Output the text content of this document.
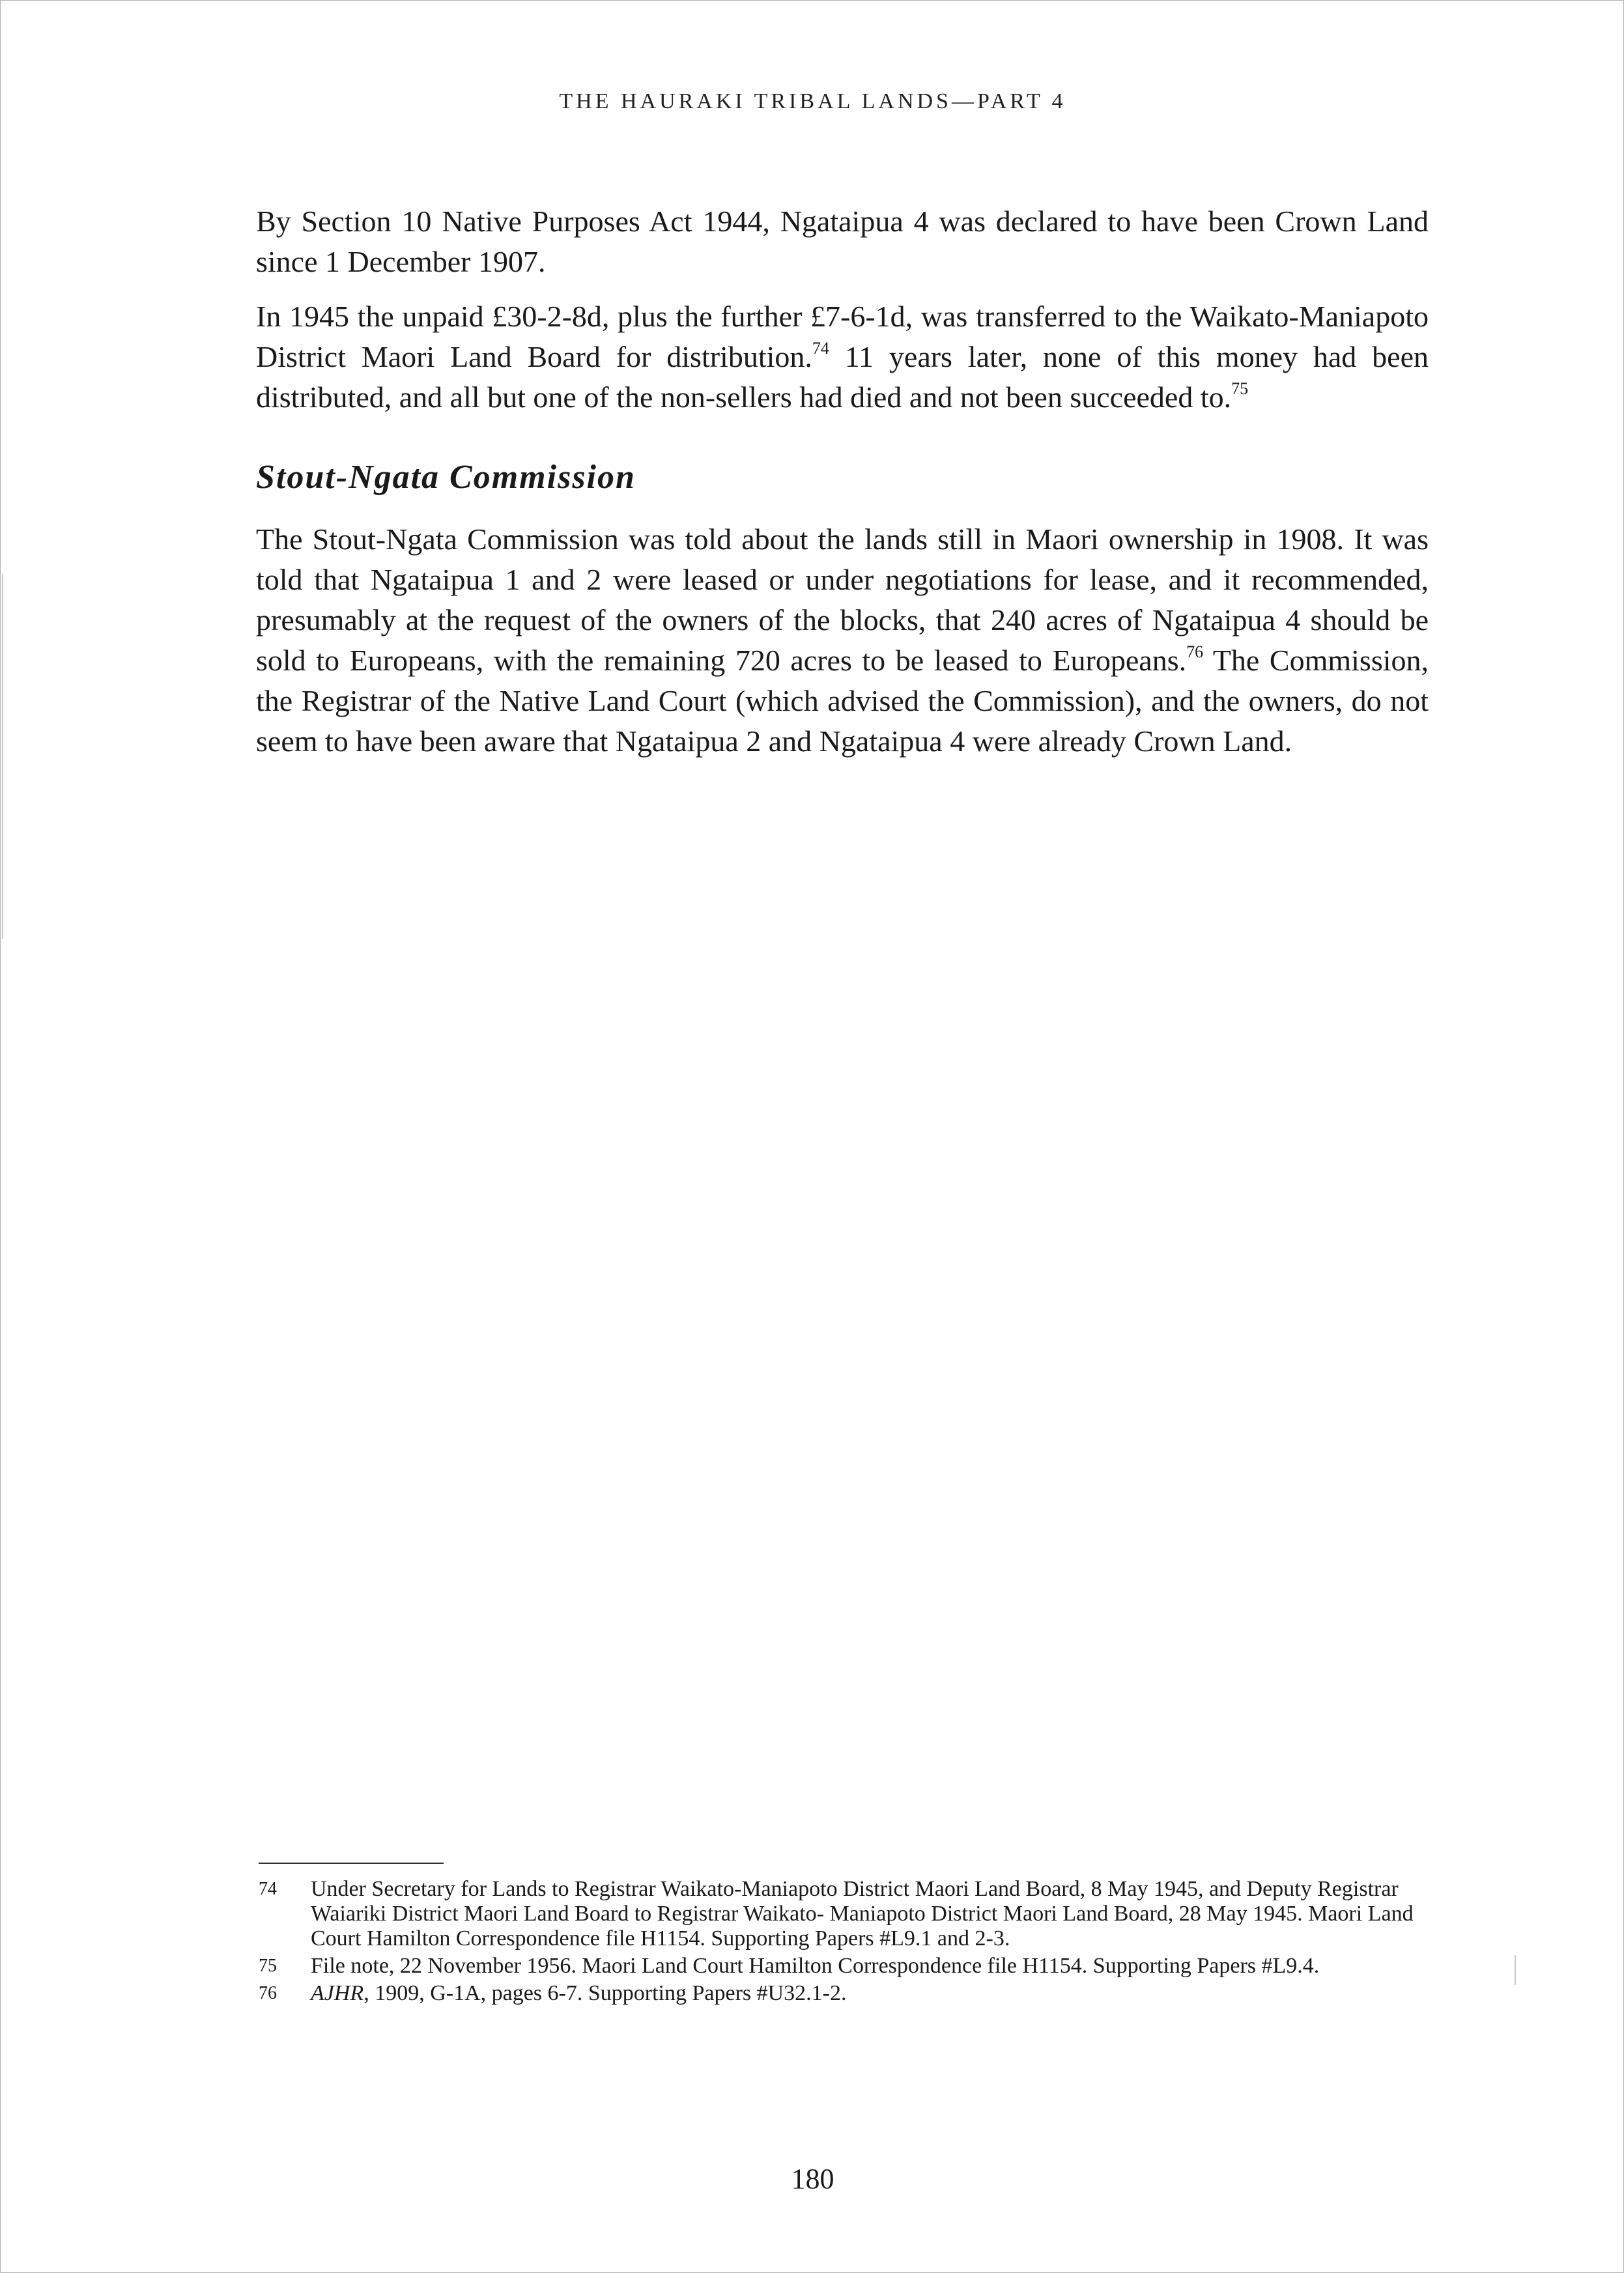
THE HAURAKI TRIBAL LANDS—PART 4

By Section 10 Native Purposes Act 1944, Ngataipua 4 was declared to have been Crown Land since 1 December 1907.

In 1945 the unpaid £30-2-8d, plus the further £7-6-1d, was transferred to the Waikato-Maniapoto District Maori Land Board for distribution.$^{74}$ 11 years later, none of this money had been distributed, and all but one of the non-sellers had died and not been succeeded to.$^{75}$

Stout-Ngata Commission

The Stout-Ngata Commission was told about the lands still in Maori ownership in 1908. It was told that Ngataipua 1 and 2 were leased or under negotiations for lease, and it recommended, presumably at the request of the owners of the blocks, that 240 acres of Ngataipua 4 should be sold to Europeans, with the remaining 720 acres to be leased to Europeans.$^{76}$ The Commission, the Registrar of the Native Land Court (which advised the Commission), and the owners, do not seem to have been aware that Ngataipua 2 and Ngataipua 4 were already Crown Land.

74	Under Secretary for Lands to Registrar Waikato-Maniapoto District Maori Land Board, 8 May 1945, and Deputy Registrar Waiariki District Maori Land Board to Registrar Waikato- Maniapoto District Maori Land Board, 28 May 1945. Maori Land Court Hamilton Correspondence file H1154. Supporting Papers #L9.1 and 2-3.
75	File note, 22 November 1956. Maori Land Court Hamilton Correspondence file H1154. Supporting Papers #L9.4.
76	AJHR, 1909, G-1A, pages 6-7. Supporting Papers #U32.1-2.
180
